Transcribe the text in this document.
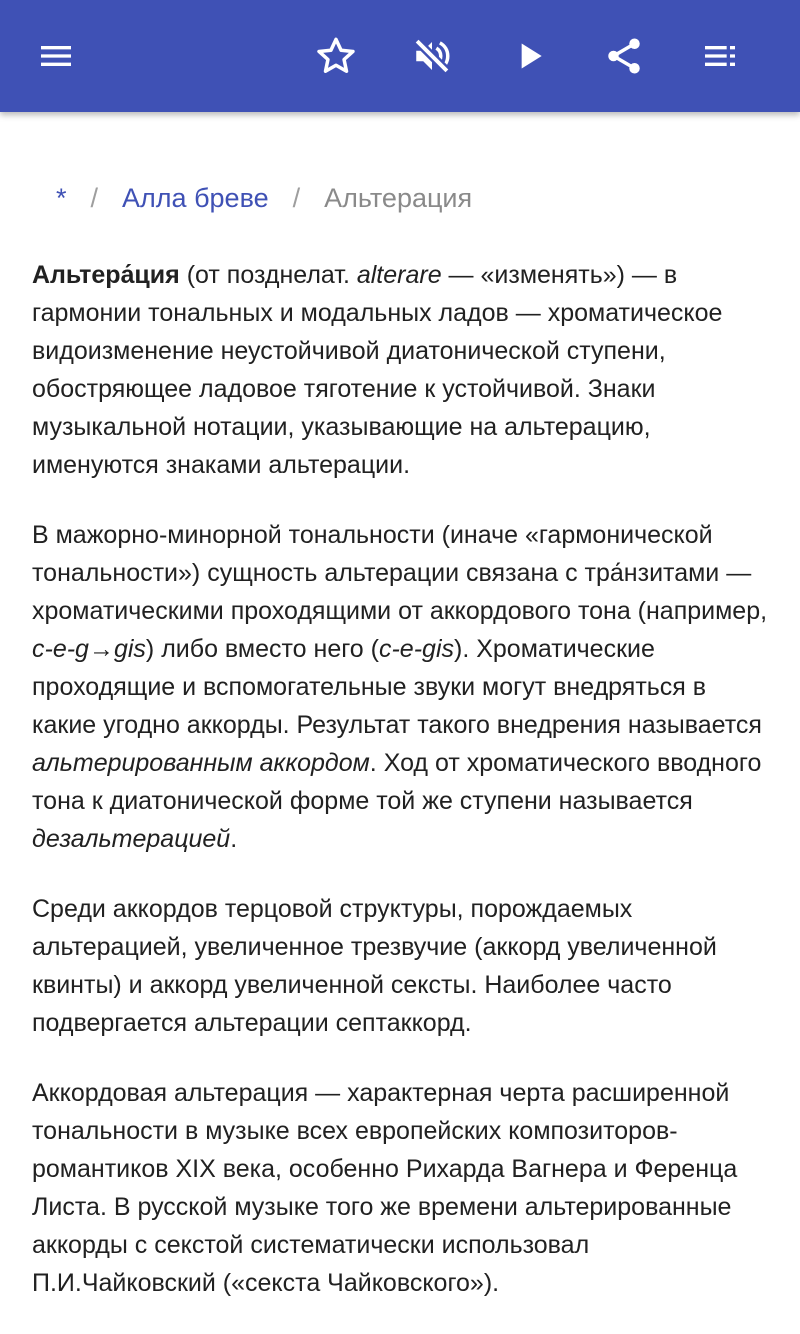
* / Алла бреве / Альтерация

Альтера́ция (от позднелат. alterare — «изменять») — в гармонии тональных и модальных ладов — хроматическое видоизменение неустойчивой диатонической ступени, обостряющее ладовое тяготение к устойчивой. Знаки музыкальной нотации, указывающие на альтерацию, именуются знаками альтерации.

В мажорно-минорной тональности (иначе «гармонической тональности») сущность альтерации связана с тра́нзитами — хроматическими проходящими от аккордового тона (например, c-e-g→gis) либо вместо него (c-e-gis). Хроматические проходящие и вспомогательные звуки могут внедряться в какие угодно аккорды. Результат такого внедрения называется альтерированным аккордом. Ход от хроматического вводного тона к диатонической форме той же ступени называется дезальтерацией.

Среди аккордов терцовой структуры, порождаемых альтерацией, увеличенное трезвучие (аккорд увеличенной квинты) и аккорд увеличенной сексты. Наиболее часто подвергается альтерации септаккорд.

Аккордовая альтерация — характерная черта расширенной тональности в музыке всех европейских композиторов-романтиков XIX века, особенно Рихарда Вагнера и Ференца Листа. В русской музыке того же времени альтерированные аккорды с секстой систематически использовал П.И.Чайковский («секста Чайковского»).
